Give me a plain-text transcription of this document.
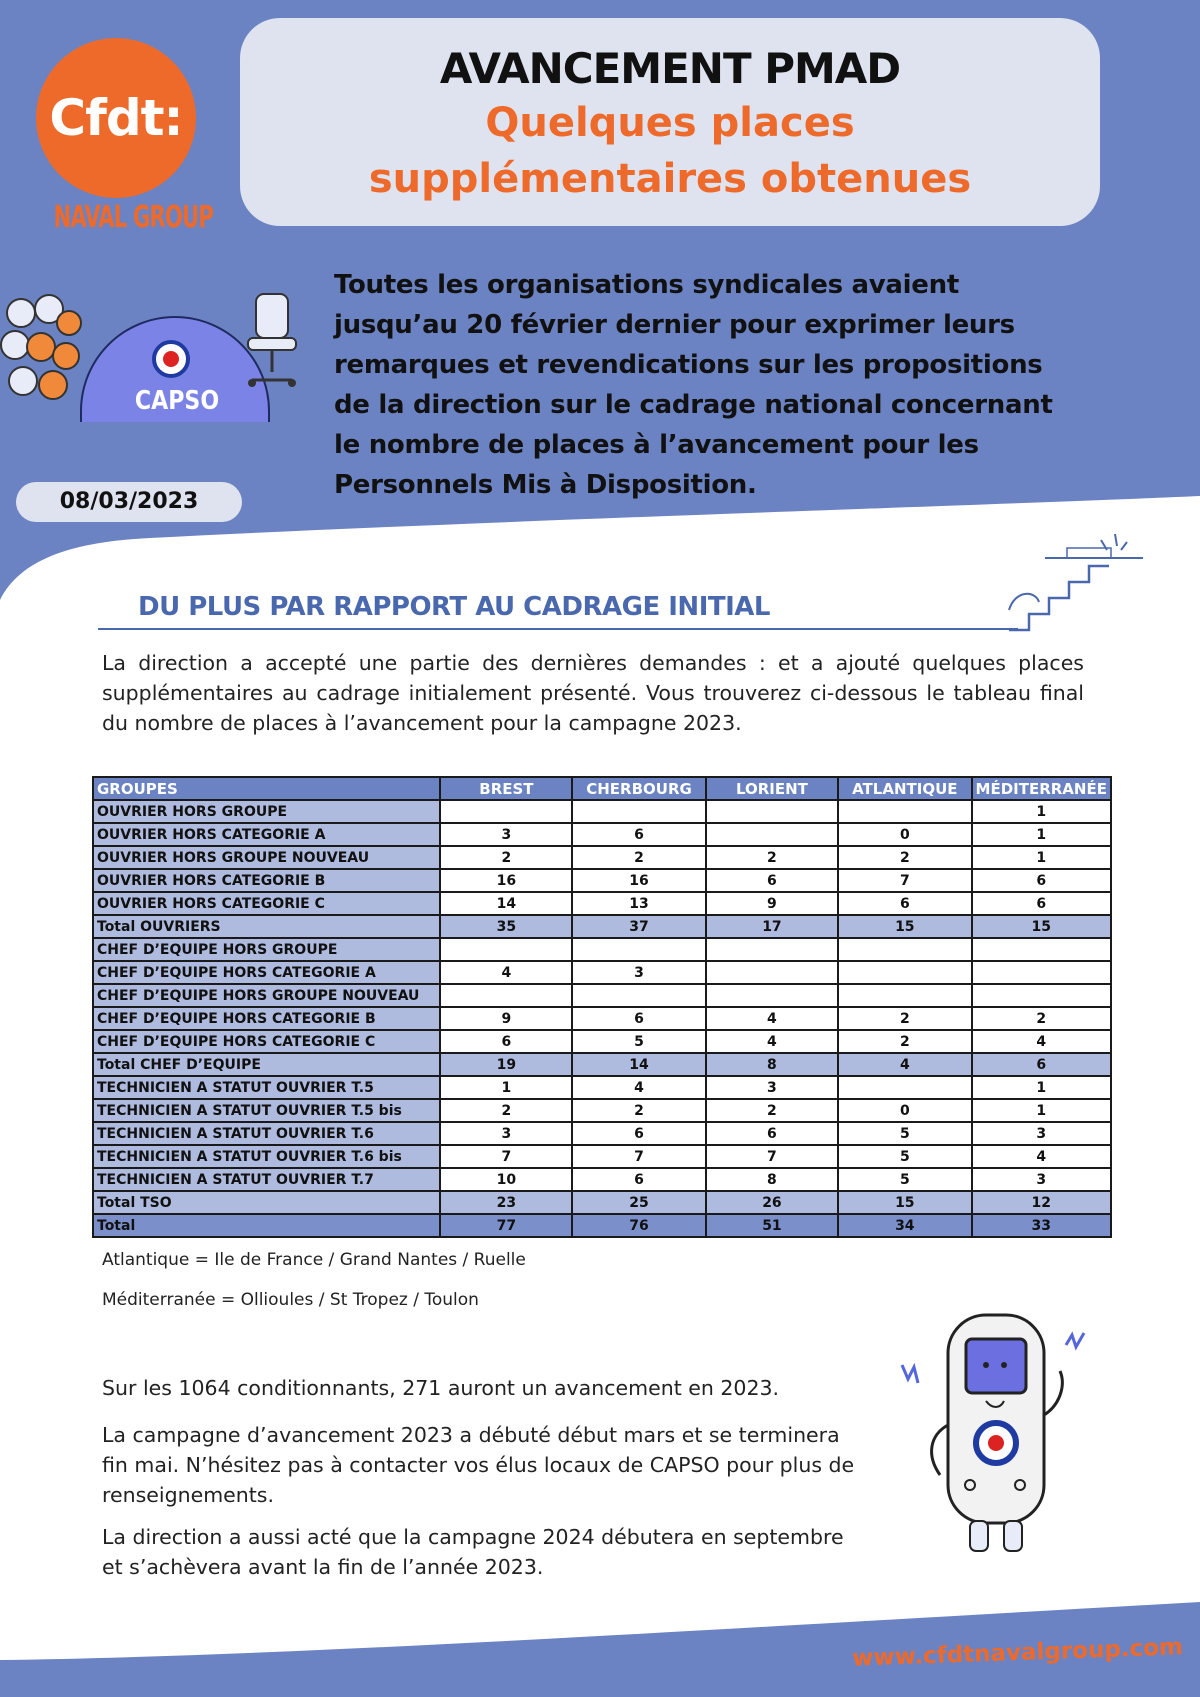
Cfdt:
NAVAL GROUP
AVANCEMENT PMAD
Quelques places
supplémentaires obtenues
CAPSO
Toutes les organisations syndicales avaient jusqu’au 20 février dernier pour exprimer leurs remarques et revendications sur les propositions de la direction sur le cadrage national concernant le nombre de places à l’avancement pour les Personnels Mis à Disposition.
08/03/2023
DU PLUS PAR RAPPORT AU CADRAGE INITIAL
La direction a accepté une partie des dernières demandes : et a ajouté quelques places supplémentaires au cadrage initialement présenté. Vous trouverez ci-dessous le tableau final du nombre de places à l’avancement pour la campagne 2023.
GROUPES	BREST	CHERBOURG	LORIENT	ATLANTIQUE	MÉDITERRANÉE
OUVRIER HORS GROUPE					1
OUVRIER HORS CATEGORIE A	3	6		0	1
OUVRIER HORS GROUPE NOUVEAU	2	2	2	2	1
OUVRIER HORS CATEGORIE B	16	16	6	7	6
OUVRIER HORS CATEGORIE C	14	13	9	6	6
Total OUVRIERS	35	37	17	15	15
CHEF D’EQUIPE HORS GROUPE					
CHEF D’EQUIPE HORS CATEGORIE A	4	3			
CHEF D’EQUIPE HORS GROUPE NOUVEAU					
CHEF D’EQUIPE HORS CATEGORIE B	9	6	4	2	2
CHEF D’EQUIPE HORS CATEGORIE C	6	5	4	2	4
Total CHEF D’EQUIPE	19	14	8	4	6
TECHNICIEN A STATUT OUVRIER T.5	1	4	3		1
TECHNICIEN A STATUT OUVRIER T.5 bis	2	2	2	0	1
TECHNICIEN A STATUT OUVRIER T.6	3	6	6	5	3
TECHNICIEN A STATUT OUVRIER T.6 bis	7	7	7	5	4
TECHNICIEN A STATUT OUVRIER T.7	10	6	8	5	3
Total TSO	23	25	26	15	12
Total	77	76	51	34	33
Atlantique = Ile de France / Grand Nantes / Ruelle
Méditerranée = Ollioules / St Tropez / Toulon
Sur les 1064 conditionnants, 271 auront un avancement en 2023.
La campagne d’avancement 2023 a débuté début mars et se terminera fin mai. N’hésitez pas à contacter vos élus locaux de CAPSO pour plus de renseignements.
La direction a aussi acté que la campagne 2024 débutera en septembre et s’achèvera avant la fin de l’année 2023.
www.cfdtnavalgroup.com
